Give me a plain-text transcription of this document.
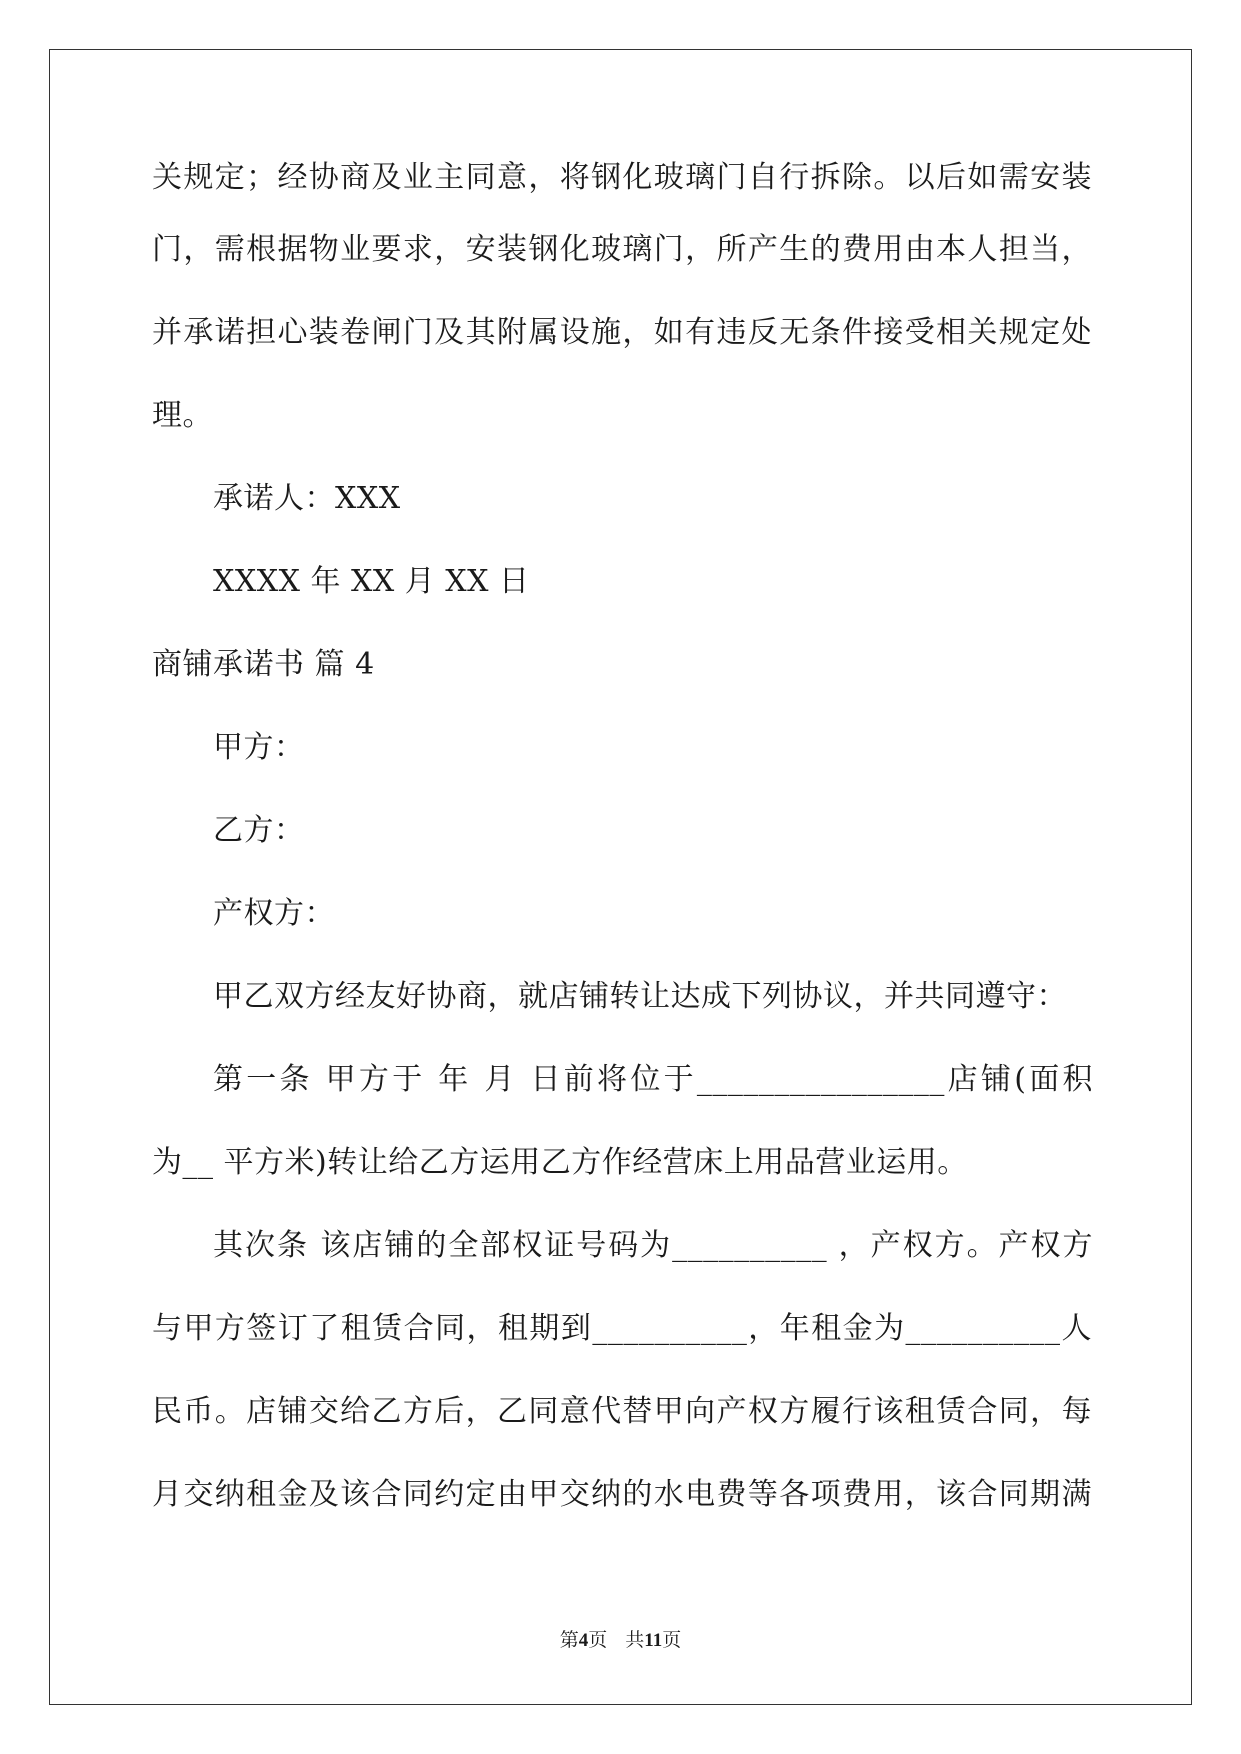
关规定；经协商及业主同意，将钢化玻璃门自行拆除。以后如需安装
门，需根据物业要求，安装钢化玻璃门，所产生的费用由本人担当，
并承诺担心装卷闸门及其附属设施，如有违反无条件接受相关规定处
理。
承诺人：XXX
XXXX 年 XX 月 XX 日
商铺承诺书 篇 4
甲方：
乙方：
产权方：
甲乙双方经友好协商，就店铺转让达成下列协议，并共同遵守：
第一条 甲方于 年 月 日前将位于________________店铺(面积
为__ 平方米)转让给乙方运用乙方作经营床上用品营业运用。
其次条 该店铺的全部权证号码为__________ ，产权方。产权方
与甲方签订了租赁合同，租期到__________，年租金为__________人
民币。店铺交给乙方后，乙同意代替甲向产权方履行该租赁合同，每
月交纳租金及该合同约定由甲交纳的水电费等各项费用，该合同期满
第4页 共11页
